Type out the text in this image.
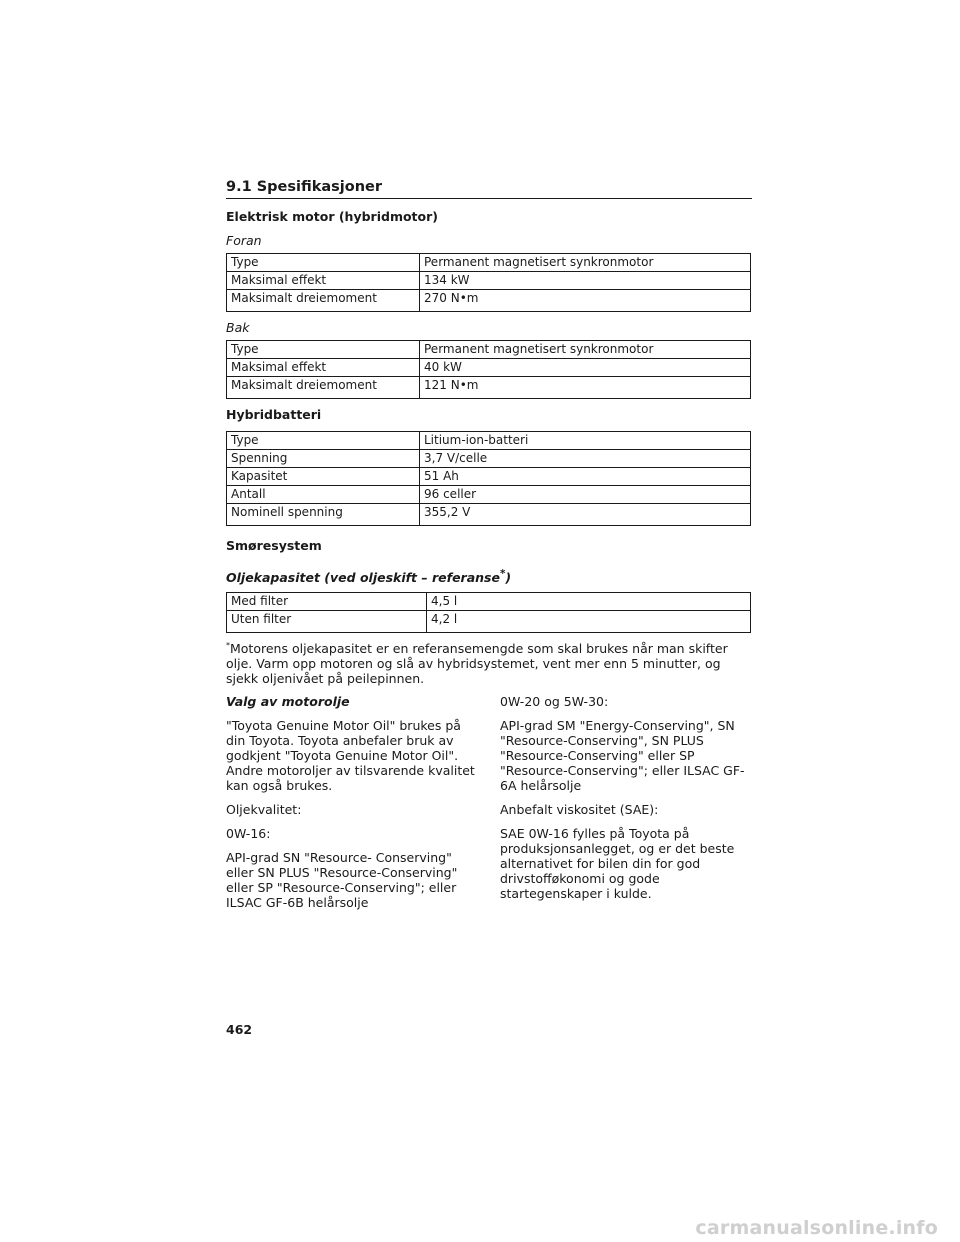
9.1 Spesifikasjoner
Elektrisk motor (hybridmotor)
Foran
Type	Permanent magnetisert synkronmotor
Maksimal effekt	134 kW
Maksimalt dreiemoment	270 N•m
Bak
Type	Permanent magnetisert synkronmotor
Maksimal effekt	40 kW
Maksimalt dreiemoment	121 N•m
Hybridbatteri
Type	Litium-ion-batteri
Spenning	3,7 V/celle
Kapasitet	51 Ah
Antall	96 celler
Nominell spenning	355,2 V
Smøresystem
Oljekapasitet (ved oljeskift – referanse*)
Med filter	4,5 l
Uten filter	4,2 l
*Motorens oljekapasitet er en referansemengde som skal brukes når man skifter olje. Varm opp motoren og slå av hybridsystemet, vent mer enn 5 minutter, og sjekk oljenivået på peilepinnen.

Valg av motorolje

"Toyota Genuine Motor Oil" brukes på din Toyota. Toyota anbefaler bruk av godkjent "Toyota Genuine Motor Oil". Andre motoroljer av tilsvarende kvalitet kan også brukes.

Oljekvalitet:

0W-16:

API-grad SN "Resource- Conserving" eller SN PLUS "Resource-Conserving" eller SP "Resource-Conserving"; eller ILSAC GF-6B helårsolje

0W-20 og 5W-30:

API-grad SM "Energy-Conserving", SN "Resource-Conserving", SN PLUS "Resource-Conserving" eller SP "Resource-Conserving"; eller ILSAC GF-6A helårsolje

Anbefalt viskositet (SAE):

SAE 0W-16 fylles på Toyota på produksjonsanlegget, og er det beste alternativet for bilen din for god drivstofføkonomi og gode startegenskaper i kulde.

462
carmanualsonline.info
